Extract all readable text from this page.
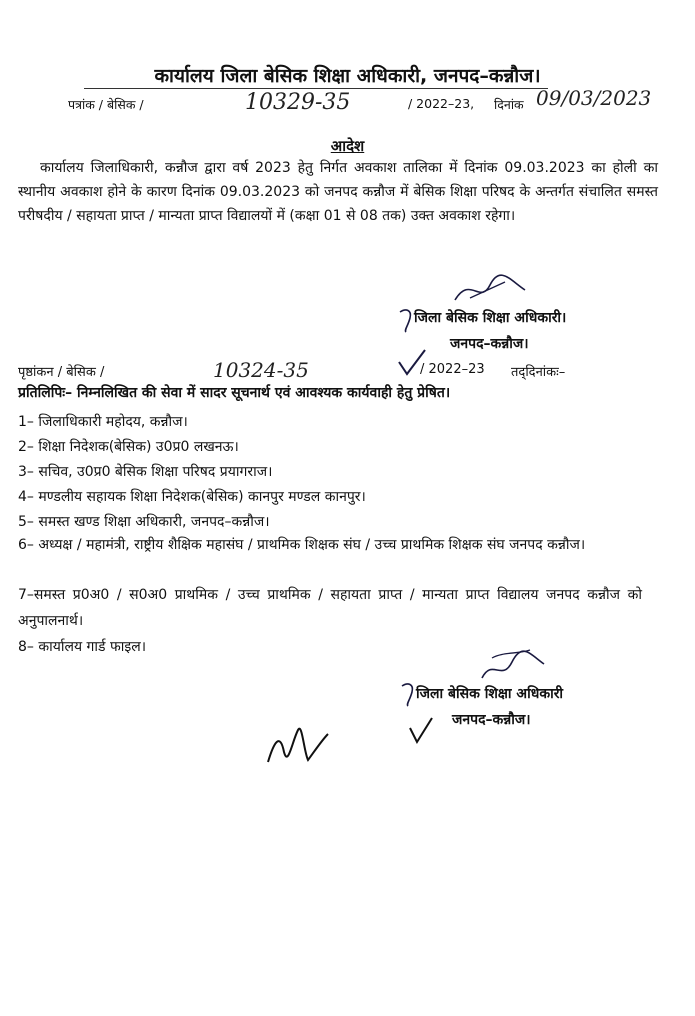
कार्यालय जिला बेसिक शिक्षा अधिकारी, जनपद–कन्नौज।
पत्रांक / बेसिक /	10329-35	/ 2022–23, दिनांक 09/03/2023
आदेश
कार्यालय जिलाधिकारी, कन्नौज द्वारा वर्ष 2023 हेतु निर्गत अवकाश तालिका में दिनांक 09.03.2023 का होली का स्थानीय अवकाश होने के कारण दिनांक 09.03.2023 को जनपद कन्नौज में बेसिक शिक्षा परिषद के अन्तर्गत संचालित समस्त परीषदीय / सहायता प्राप्त / मान्यता प्राप्त विद्यालयों में (कक्षा 01 से 08 तक) उक्त अवकाश रहेगा।
जिला बेसिक शिक्षा अधिकारी।
जनपद–कन्नौज।
पृष्ठांकन / बेसिक /	10324-35	/ 2022–23 तद्‌दिनांकः–
प्रतिलिपिः– निम्नलिखित की सेवा में सादर सूचनार्थ एवं आवश्यक कार्यवाही हेतु प्रेषित।
1– जिलाधिकारी महोदय, कन्नौज।
2– शिक्षा निदेशक(बेसिक) उ0प्र0 लखनऊ।
3– सचिव, उ0प्र0 बेसिक शिक्षा परिषद प्रयागराज।
4– मण्डलीय सहायक शिक्षा निदेशक(बेसिक) कानपुर मण्डल कानपुर।
5– समस्त खण्ड शिक्षा अधिकारी, जनपद–कन्नौज।
6– अध्यक्ष / महामंत्री, राष्ट्रीय शैक्षिक महासंघ / प्राथमिक शिक्षक संघ / उच्च प्राथमिक शिक्षक संघ जनपद कन्नौज।
7–समस्त प्र0अ0 / स0अ0 प्राथमिक / उच्च प्राथमिक / सहायता प्राप्त / मान्यता प्राप्त विद्यालय जनपद कन्नौज को अनुपालनार्थ।
8– कार्यालय गार्ड फाइल।
जिला बेसिक शिक्षा अधिकारी
जनपद–कन्नौज।
